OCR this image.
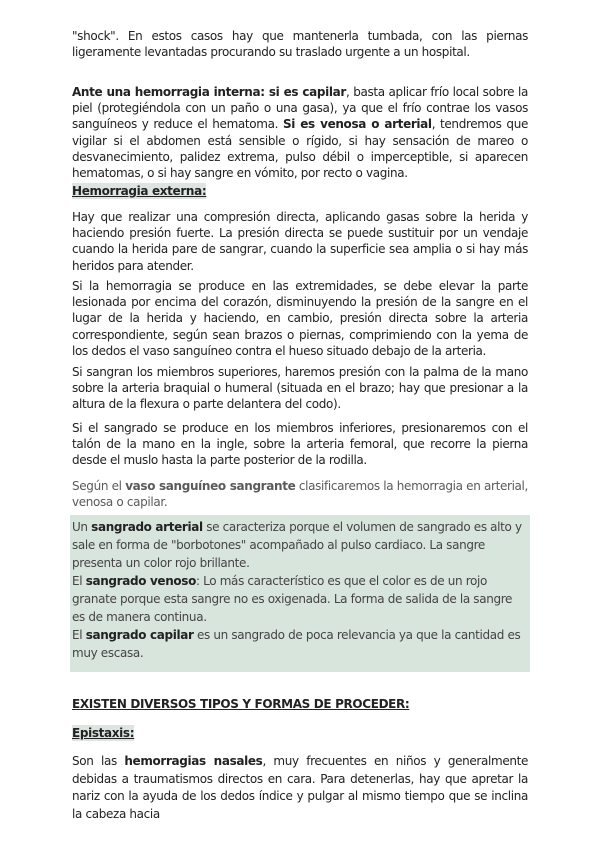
"shock". En estos casos hay que mantenerla tumbada, con las piernas ligeramente levantadas procurando su traslado urgente a un hospital.

Ante una hemorragia interna: si es capilar, basta aplicar frío local sobre la piel (protegiéndola con un paño o una gasa), ya que el frío contrae los vasos sanguíneos y reduce el hematoma. Si es venosa o arterial, tendremos que vigilar si el abdomen está sensible o rígido, si hay sensación de mareo o desvanecimiento, palidez extrema, pulso débil o imperceptible, si aparecen hematomas, o si hay sangre en vómito, por recto o vagina.

Hemorragia externa:

Hay que realizar una compresión directa, aplicando gasas sobre la herida y haciendo presión fuerte. La presión directa se puede sustituir por un vendaje cuando la herida pare de sangrar, cuando la superficie sea amplia o si hay más heridos para atender.

Si la hemorragia se produce en las extremidades, se debe elevar la parte lesionada por encima del corazón, disminuyendo la presión de la sangre en el lugar de la herida y haciendo, en cambio, presión directa sobre la arteria correspondiente, según sean brazos o piernas, comprimiendo con la yema de los dedos el vaso sanguíneo contra el hueso situado debajo de la arteria.

Si sangran los miembros superiores, haremos presión con la palma de la mano sobre la arteria braquial o humeral (situada en el brazo; hay que presionar a la altura de la flexura o parte delantera del codo).

Si el sangrado se produce en los miembros inferiores, presionaremos con el talón de la mano en la ingle, sobre la arteria femoral, que recorre la pierna desde el muslo hasta la parte posterior de la rodilla.

Según el vaso sanguíneo sangrante clasificaremos la hemorragia en arterial, venosa o capilar.

Un sangrado arterial se caracteriza porque el volumen de sangrado es alto y sale en forma de "borbotones" acompañado al pulso cardiaco. La sangre presenta un color rojo brillante.

El sangrado venoso: Lo más característico es que el color es de un rojo granate porque esta sangre no es oxigenada. La forma de salida de la sangre es de manera continua.

El sangrado capilar es un sangrado de poca relevancia ya que la cantidad es muy escasa.

EXISTEN DIVERSOS TIPOS Y FORMAS DE PROCEDER:

Epistaxis:

Son las hemorragias nasales, muy frecuentes en niños y generalmente debidas a traumatismos directos en cara. Para detenerlas, hay que apretar la nariz con la ayuda de los dedos índice y pulgar al mismo tiempo que se inclina la cabeza hacia
